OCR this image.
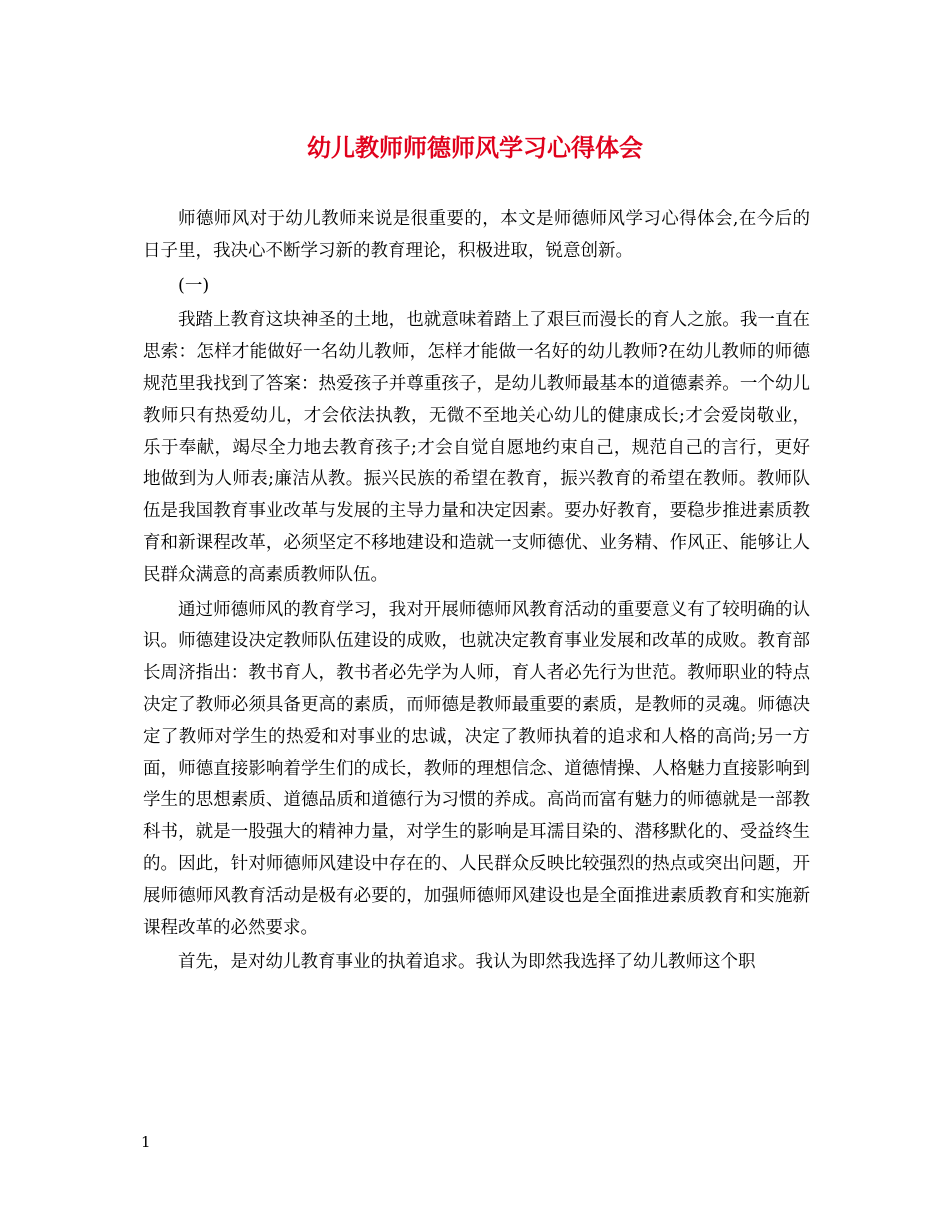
幼儿教师师德师风学习心得体会

师德师风对于幼儿教师来说是很重要的，本文是师德师风学习心得体会,在今后的日子里，我决心不断学习新的教育理论，积极进取，锐意创新。

(一)

我踏上教育这块神圣的土地，也就意味着踏上了艰巨而漫长的育人之旅。我一直在思索：怎样才能做好一名幼儿教师，怎样才能做一名好的幼儿教师?在幼儿教师的师德规范里我找到了答案：热爱孩子并尊重孩子，是幼儿教师最基本的道德素养。一个幼儿教师只有热爱幼儿，才会依法执教，无微不至地关心幼儿的健康成长;才会爱岗敬业，乐于奉献，竭尽全力地去教育孩子;才会自觉自愿地约束自己，规范自己的言行，更好地做到为人师表;廉洁从教。振兴民族的希望在教育，振兴教育的希望在教师。教师队伍是我国教育事业改革与发展的主导力量和决定因素。要办好教育，要稳步推进素质教育和新课程改革，必须坚定不移地建设和造就一支师德优、业务精、作风正、能够让人民群众满意的高素质教师队伍。

通过师德师风的教育学习，我对开展师德师风教育活动的重要意义有了较明确的认识。师德建设决定教师队伍建设的成败，也就决定教育事业发展和改革的成败。教育部长周济指出：教书育人，教书者必先学为人师，育人者必先行为世范。教师职业的特点决定了教师必须具备更高的素质，而师德是教师最重要的素质，是教师的灵魂。师德决定了教师对学生的热爱和对事业的忠诚，决定了教师执着的追求和人格的高尚;另一方面，师德直接影响着学生们的成长，教师的理想信念、道德情操、人格魅力直接影响到学生的思想素质、道德品质和道德行为习惯的养成。高尚而富有魅力的师德就是一部教科书，就是一股强大的精神力量，对学生的影响是耳濡目染的、潜移默化的、受益终生的。因此，针对师德师风建设中存在的、人民群众反映比较强烈的热点或突出问题，开展师德师风教育活动是极有必要的，加强师德师风建设也是全面推进素质教育和实施新课程改革的必然要求。

首先，是对幼儿教育事业的执着追求。我认为即然我选择了幼儿教师这个职

1
